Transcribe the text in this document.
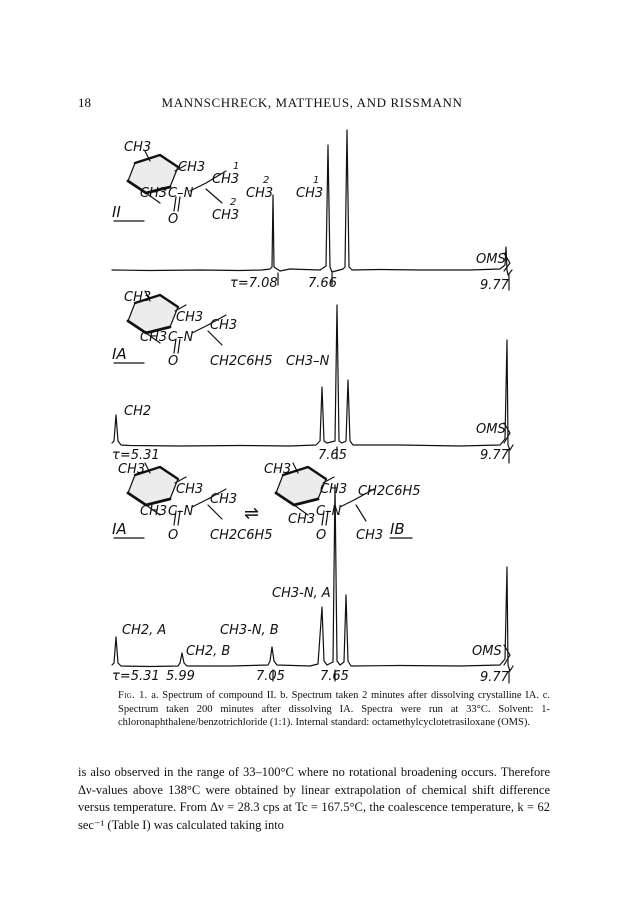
18	MANNSCHRECK, MATTHEUS, AND RISSMANN
CH3
CH3
CH3 C–N
O
CH3
1
CH3
2
II
CH3
2
CH3
1
OMS
τ=7.08 7.66	9.77
CH3
CH3
CH3 C–N
O
CH3
CH2C6H5
IA	CH3–N
CH2
OMS
τ=5.31	7.65	9.77
CH3
CH3
CH3 C–N
O
CH3
CH2C6H5
IA
⇌
CH3
CH3
CH3
C–N
O
CH2C6H5
CH3 IB
CH3-N, A
CH2, A	CH3-N, B
CH2, B	OMS
τ=5.31 5.99	7.05	7.65	9.77
Fig. 1. a. Spectrum of compound II. b. Spectrum taken 2 minutes after dissolving crystalline IA. c. Spectrum taken 200 minutes after dissolving IA. Spectra were run at 33°C. Solvent: 1-chloronaphthalene/benzotrichloride (1:1). Internal standard: octamethylcyclotetrasiloxane (OMS).

is also observed in the range of 33–100°C where no rotational broadening occurs. Therefore Δν-values above 138°C were obtained by linear extrapolation of chemical shift difference versus temperature. From Δν = 28.3 cps at Tc = 167.5°C, the coalescence temperature, k = 62 sec⁻¹ (Table I) was calculated taking into
